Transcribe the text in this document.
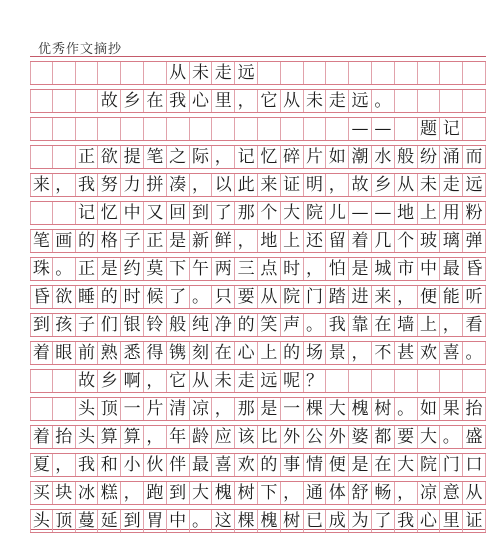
优秀作文摘抄
从 未 走 远
故 乡 在 我 心 里 ， 它 从 未 走 远 。
— — 题 记
正 欲 提 笔 之 际 ， 记 忆 碎 片 如 潮 水 般 纷 涌 而
来 ， 我 努 力 拼 凑 ， 以 此 来 证 明 ， 故 乡 从 未 走 远
记 忆 中 又 回 到 了 那 个 大 院 儿 — — 地 上 用 粉
笔 画 的 格 子 正 是 新 鲜 ， 地 上 还 留 着 几 个 玻 璃 弹
珠 。 正 是 约 莫 下 午 两 三 点 时 ， 怕 是 城 市 中 最 昏
昏 欲 睡 的 时 候 了 。 只 要 从 院 门 踏 进 来 ， 便 能 听
到 孩 子 们 银 铃 般 纯 净 的 笑 声 。 我 靠 在 墙 上 ， 看
着 眼 前 熟 悉 得 镌 刻 在 心 上 的 场 景 ， 不 甚 欢 喜 。
故 乡 啊 ， 它 从 未 走 远 呢 ？
头 顶 一 片 清 凉 ， 那 是 一 棵 大 槐 树 。 如 果 抬
着 抬 头 算 算 ， 年 龄 应 该 比 外 公 外 婆 都 要 大 。 盛
夏 ， 我 和 小 伙 伴 最 喜 欢 的 事 情 便 是 在 大 院 门 口
买 块 冰 糕 ， 跑 到 大 槐 树 下 ， 通 体 舒 畅 ， 凉 意 从
头 顶 蔓 延 到 胃 中 。 这 棵 槐 树 已 成 为 了 我 心 里 证
